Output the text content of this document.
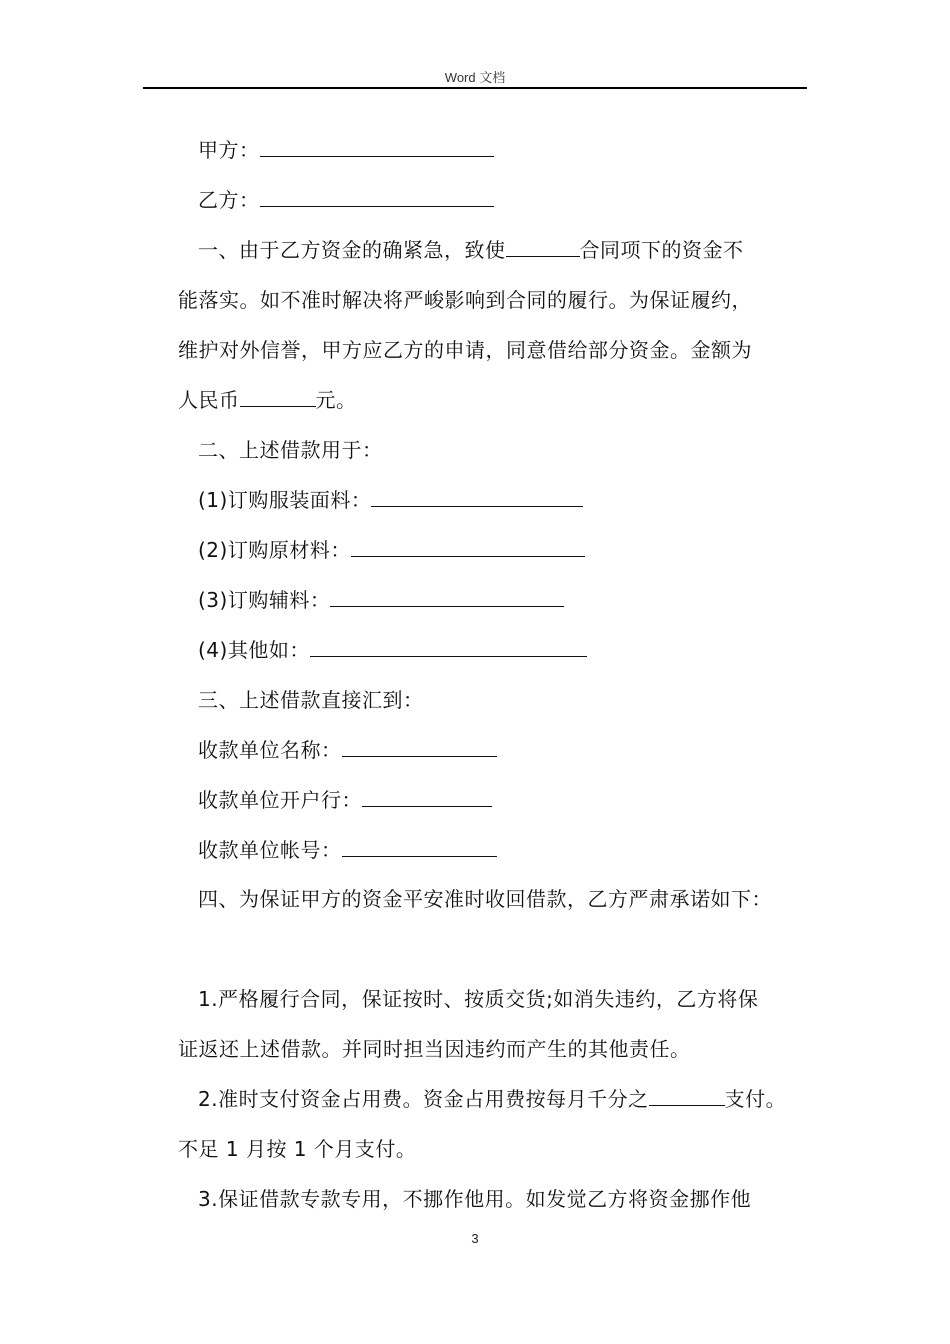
Word 文档
甲方：
乙方：
一、由于乙方资金的确紧急，致使	合同项下的资金不
能落实。如不准时解决将严峻影响到合同的履行。为保证履约，
维护对外信誉，甲方应乙方的申请，同意借给部分资金。金额为
人民币	元。
二、上述借款用于：
(1)订购服装面料：
(2)订购原材料：
(3)订购辅料：
(4)其他如：
三、上述借款直接汇到：
收款单位名称：
收款单位开户行：
收款单位帐号：
四、为保证甲方的资金平安准时收回借款，乙方严肃承诺如下：
1.严格履行合同，保证按时、按质交货;如消失违约，乙方将保
证返还上述借款。并同时担当因违约而产生的其他责任。
2.准时支付资金占用费。资金占用费按每月千分之	支付。
不足 1 月按 1 个月支付。
3.保证借款专款专用，不挪作他用。如发觉乙方将资金挪作他
3
